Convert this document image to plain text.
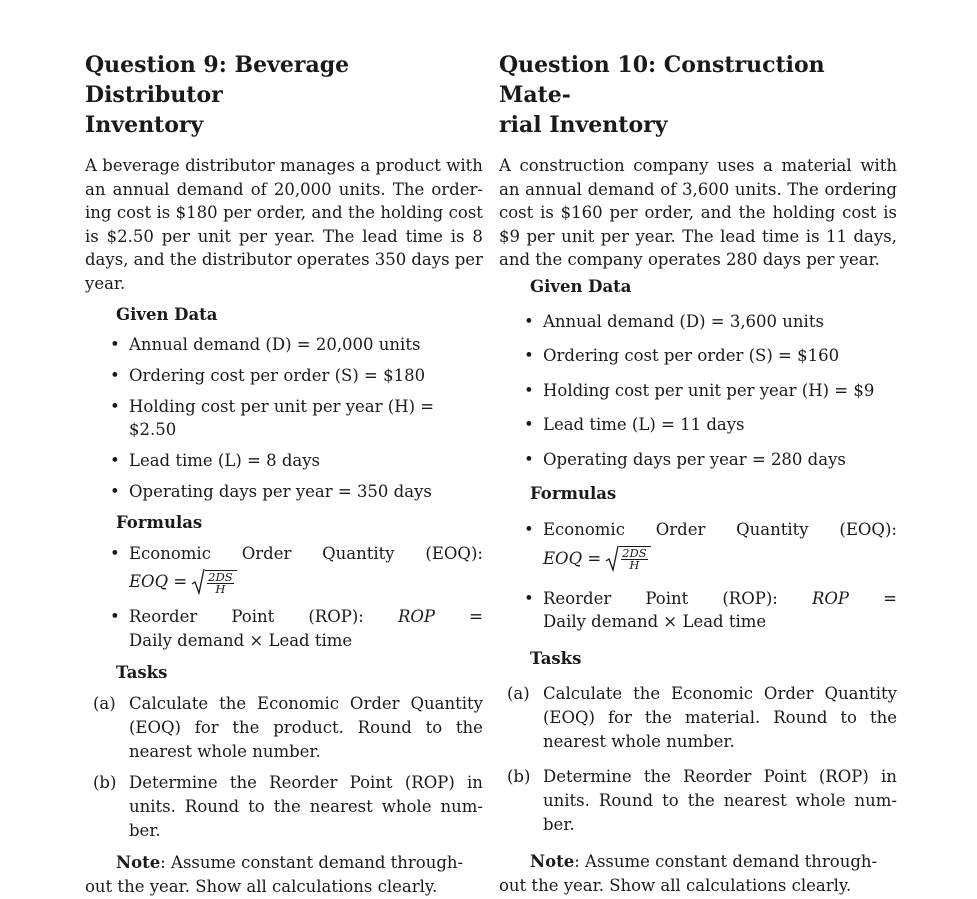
Question 9: Beverage Distributor
Inventory

A beverage distributor manages a product with
an annual demand of 20,000 units. The order-
ing cost is $180 per order, and the holding cost
is $2.50 per unit per year. The lead time is 8
days, and the distributor operates 350 days per
year.

Given Data
• Annual demand (D) = 20,000 units
• Ordering cost per order (S) = $180
• Holding cost per unit per year (H) = $2.50
• Lead time (L) = 8 days
• Operating days per year = 350 days
Formulas
• Economic Order Quantity (EOQ):
EOQ = $\frac{2DS}{H}$
• Reorder Point (ROP): ROP =
Daily demand × Lead time
Tasks
(a) Calculate the Economic Order Quantity
(EOQ) for the product. Round to the
nearest whole number.
(b) Determine the Reorder Point (ROP) in
units. Round to the nearest whole num-
ber.

Note: Assume constant demand through-
out the year. Show all calculations clearly.

Question 10: Construction Mate-
rial Inventory

A construction company uses a material with
an annual demand of 3,600 units. The ordering
cost is $160 per order, and the holding cost is
$9 per unit per year. The lead time is 11 days,
and the company operates 280 days per year.

Given Data
• Annual demand (D) = 3,600 units
• Ordering cost per order (S) = $160
• Holding cost per unit per year (H) = $9
• Lead time (L) = 11 days
• Operating days per year = 280 days
Formulas
• Economic Order Quantity (EOQ):
EOQ = $\frac{2DS}{H}$
• Reorder Point (ROP): ROP =
Daily demand × Lead time
Tasks
(a) Calculate the Economic Order Quantity
(EOQ) for the material. Round to the
nearest whole number.
(b) Determine the Reorder Point (ROP) in
units. Round to the nearest whole num-
ber.

Note: Assume constant demand through-
out the year. Show all calculations clearly.
